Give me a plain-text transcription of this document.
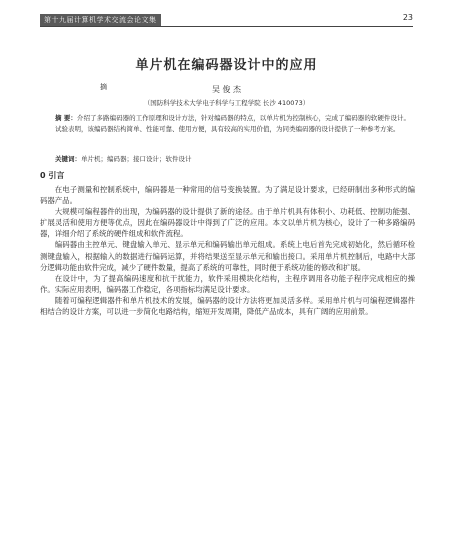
第十九届计算机学术交流会论文集	23
单片机在编码器设计中的应用
摘	吴 俊 杰
（国防科学技术大学电子科学与工程学院 长沙 410073）
摘 要：介绍了多路编码器的工作原理和设计方法，针对编码器的特点，以单片机为控制核心，完成了编码器的软硬件设计。试验表明，该编码器结构简单、性能可靠、使用方便，具有较高的实用价值，为同类编码器的设计提供了一种参考方案。
关键词：单片机；编码器；接口设计；软件设计
0 引言

在电子测量和控制系统中，编码器是一种常用的信号变换装置。为了满足设计要求，已经研制出多种形式的编码器产品。

大规模可编程器件的出现，为编码器的设计提供了新的途径。由于单片机具有体积小、功耗低、控制功能强、扩展灵活和使用方便等优点，因此在编码器设计中得到了广泛的应用。本文以单片机为核心，设计了一种多路编码器，详细介绍了系统的硬件组成和软件流程。

编码器由主控单元、键盘输入单元、显示单元和编码输出单元组成。系统上电后首先完成初始化，然后循环检测键盘输入，根据输入的数据进行编码运算，并将结果送至显示单元和输出接口。采用单片机控制后，电路中大部分逻辑功能由软件完成，减少了硬件数量，提高了系统的可靠性，同时便于系统功能的修改和扩展。

在设计中，为了提高编码速度和抗干扰能力，软件采用模块化结构，主程序调用各功能子程序完成相应的操作。实际应用表明，编码器工作稳定，各项指标均满足设计要求。

随着可编程逻辑器件和单片机技术的发展，编码器的设计方法将更加灵活多样。采用单片机与可编程逻辑器件相结合的设计方案，可以进一步简化电路结构，缩短开发周期，降低产品成本，具有广阔的应用前景。
